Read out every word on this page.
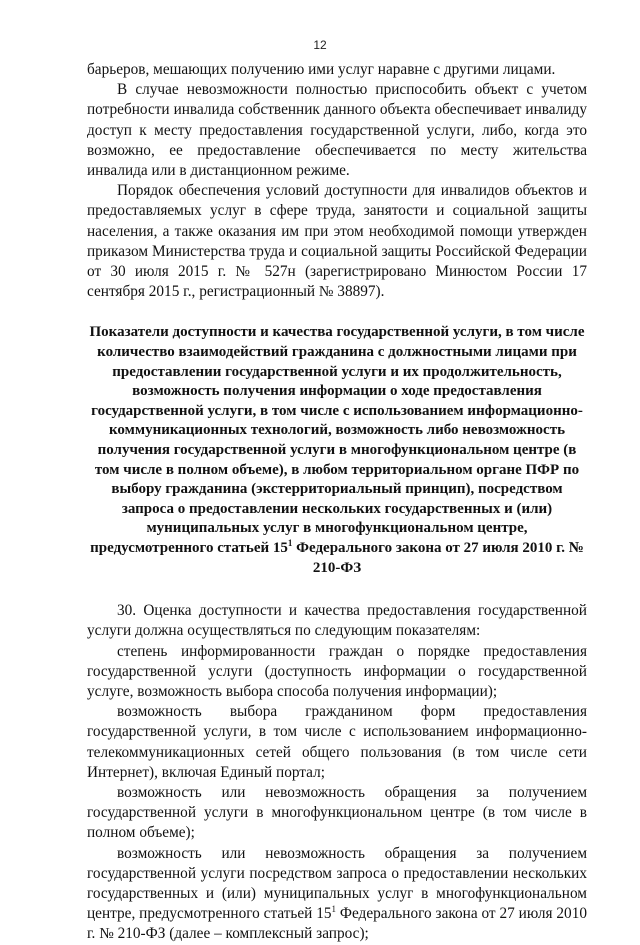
12

барьеров, мешающих получению ими услуг наравне с другими лицами.

В случае невозможности полностью приспособить объект с учетом потребности инвалида собственник данного объекта обеспечивает инвалиду доступ к месту предоставления государственной услуги, либо, когда это возможно, ее предоставление обеспечивается по месту жительства инвалида или в дистанционном режиме.

Порядок обеспечения условий доступности для инвалидов объектов и предоставляемых услуг в сфере труда, занятости и социальной защиты населения, а также оказания им при этом необходимой помощи утвержден приказом Министерства труда и социальной защиты Российской Федерации от 30 июля 2015 г. № 527н (зарегистрировано Минюстом России 17 сентября 2015 г., регистрационный № 38897).

Показатели доступности и качества государственной услуги, в том числе количество взаимодействий гражданина с должностными лицами при предоставлении государственной услуги и их продолжительность, возможность получения информации о ходе предоставления государственной услуги, в том числе с использованием информационно-коммуникационных технологий, возможность либо невозможность получения государственной услуги в многофункциональном центре (в том числе в полном объеме), в любом территориальном органе ПФР по выбору гражданина (экстерриториальный принцип), посредством запроса о предоставлении нескольких государственных и (или) муниципальных услуг в многофункциональном центре, предусмотренного статьей $15^1$ Федерального закона от 27 июля 2010 г. № 210-ФЗ

30. Оценка доступности и качества предоставления государственной услуги должна осуществляться по следующим показателям:

степень информированности граждан о порядке предоставления государственной услуги (доступность информации о государственной услуге, возможность выбора способа получения информации);

возможность выбора гражданином форм предоставления государственной услуги, в том числе с использованием информационно-телекоммуникационных сетей общего пользования (в том числе сети Интернет), включая Единый портал;

возможность или невозможность обращения за получением государственной услуги в многофункциональном центре (в том числе в полном объеме);

возможность или невозможность обращения за получением государственной услуги посредством запроса о предоставлении нескольких государственных и (или) муниципальных услуг в многофункциональном центре, предусмотренного статьей $15^1$ Федерального закона от 27 июля 2010 г. № 210-ФЗ (далее – комплексный запрос);
